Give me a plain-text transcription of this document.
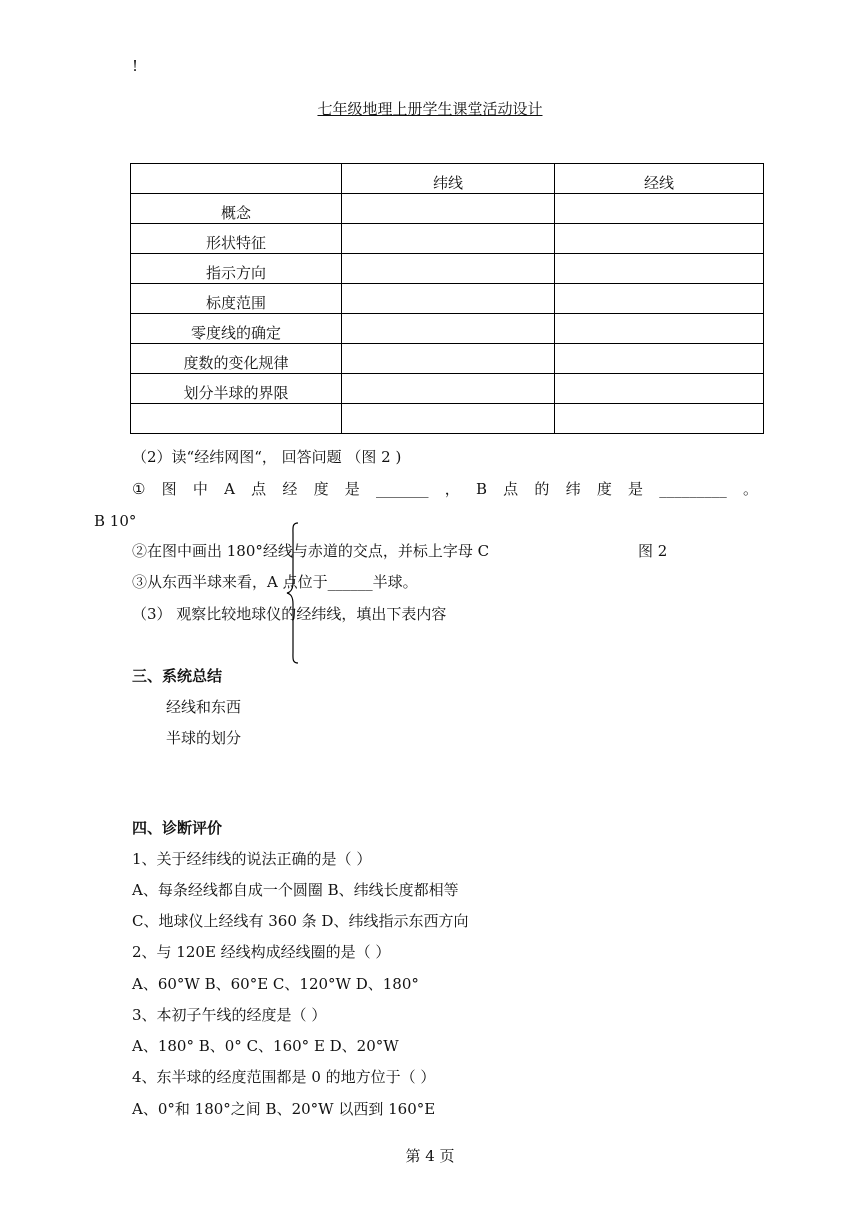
!
七年级地理上册学生课堂活动设计
	纬线	经线
概念		
形状特征		
指示方向		
标度范围		
零度线的确定		
度数的变化规律		
划分半球的界限		

（2）读“经纬网图“， 回答问题 （图 2 )
① 图 中 A 点 经 度 是 _______ ， B 点 的 纬 度 是 _________ 。
B 10°
②在图中画出 180°经线与赤道的交点，并标上字母 C	图 2
③从东西半球来看，A 点位于______半球。
（3） 观察比较地球仪的经纬线，填出下表内容
三、系统总结
经线和东西
半球的划分
四、诊断评价
1、关于经纬线的说法正确的是（ ）
A、每条经线都自成一个圆圈 B、纬线长度都相等
C、地球仪上经线有 360 条 D、纬线指示东西方向
2、与 120E 经线构成经线圈的是（ ）
A、60°W B、60°E C、120°W D、180°
3、本初子午线的经度是（ ）
A、180° B、0° C、160° E D、20°W
4、东半球的经度范围都是 0 的地方位于（ ）
A、0°和 180°之间 B、20°W 以西到 160°E
第 4 页
